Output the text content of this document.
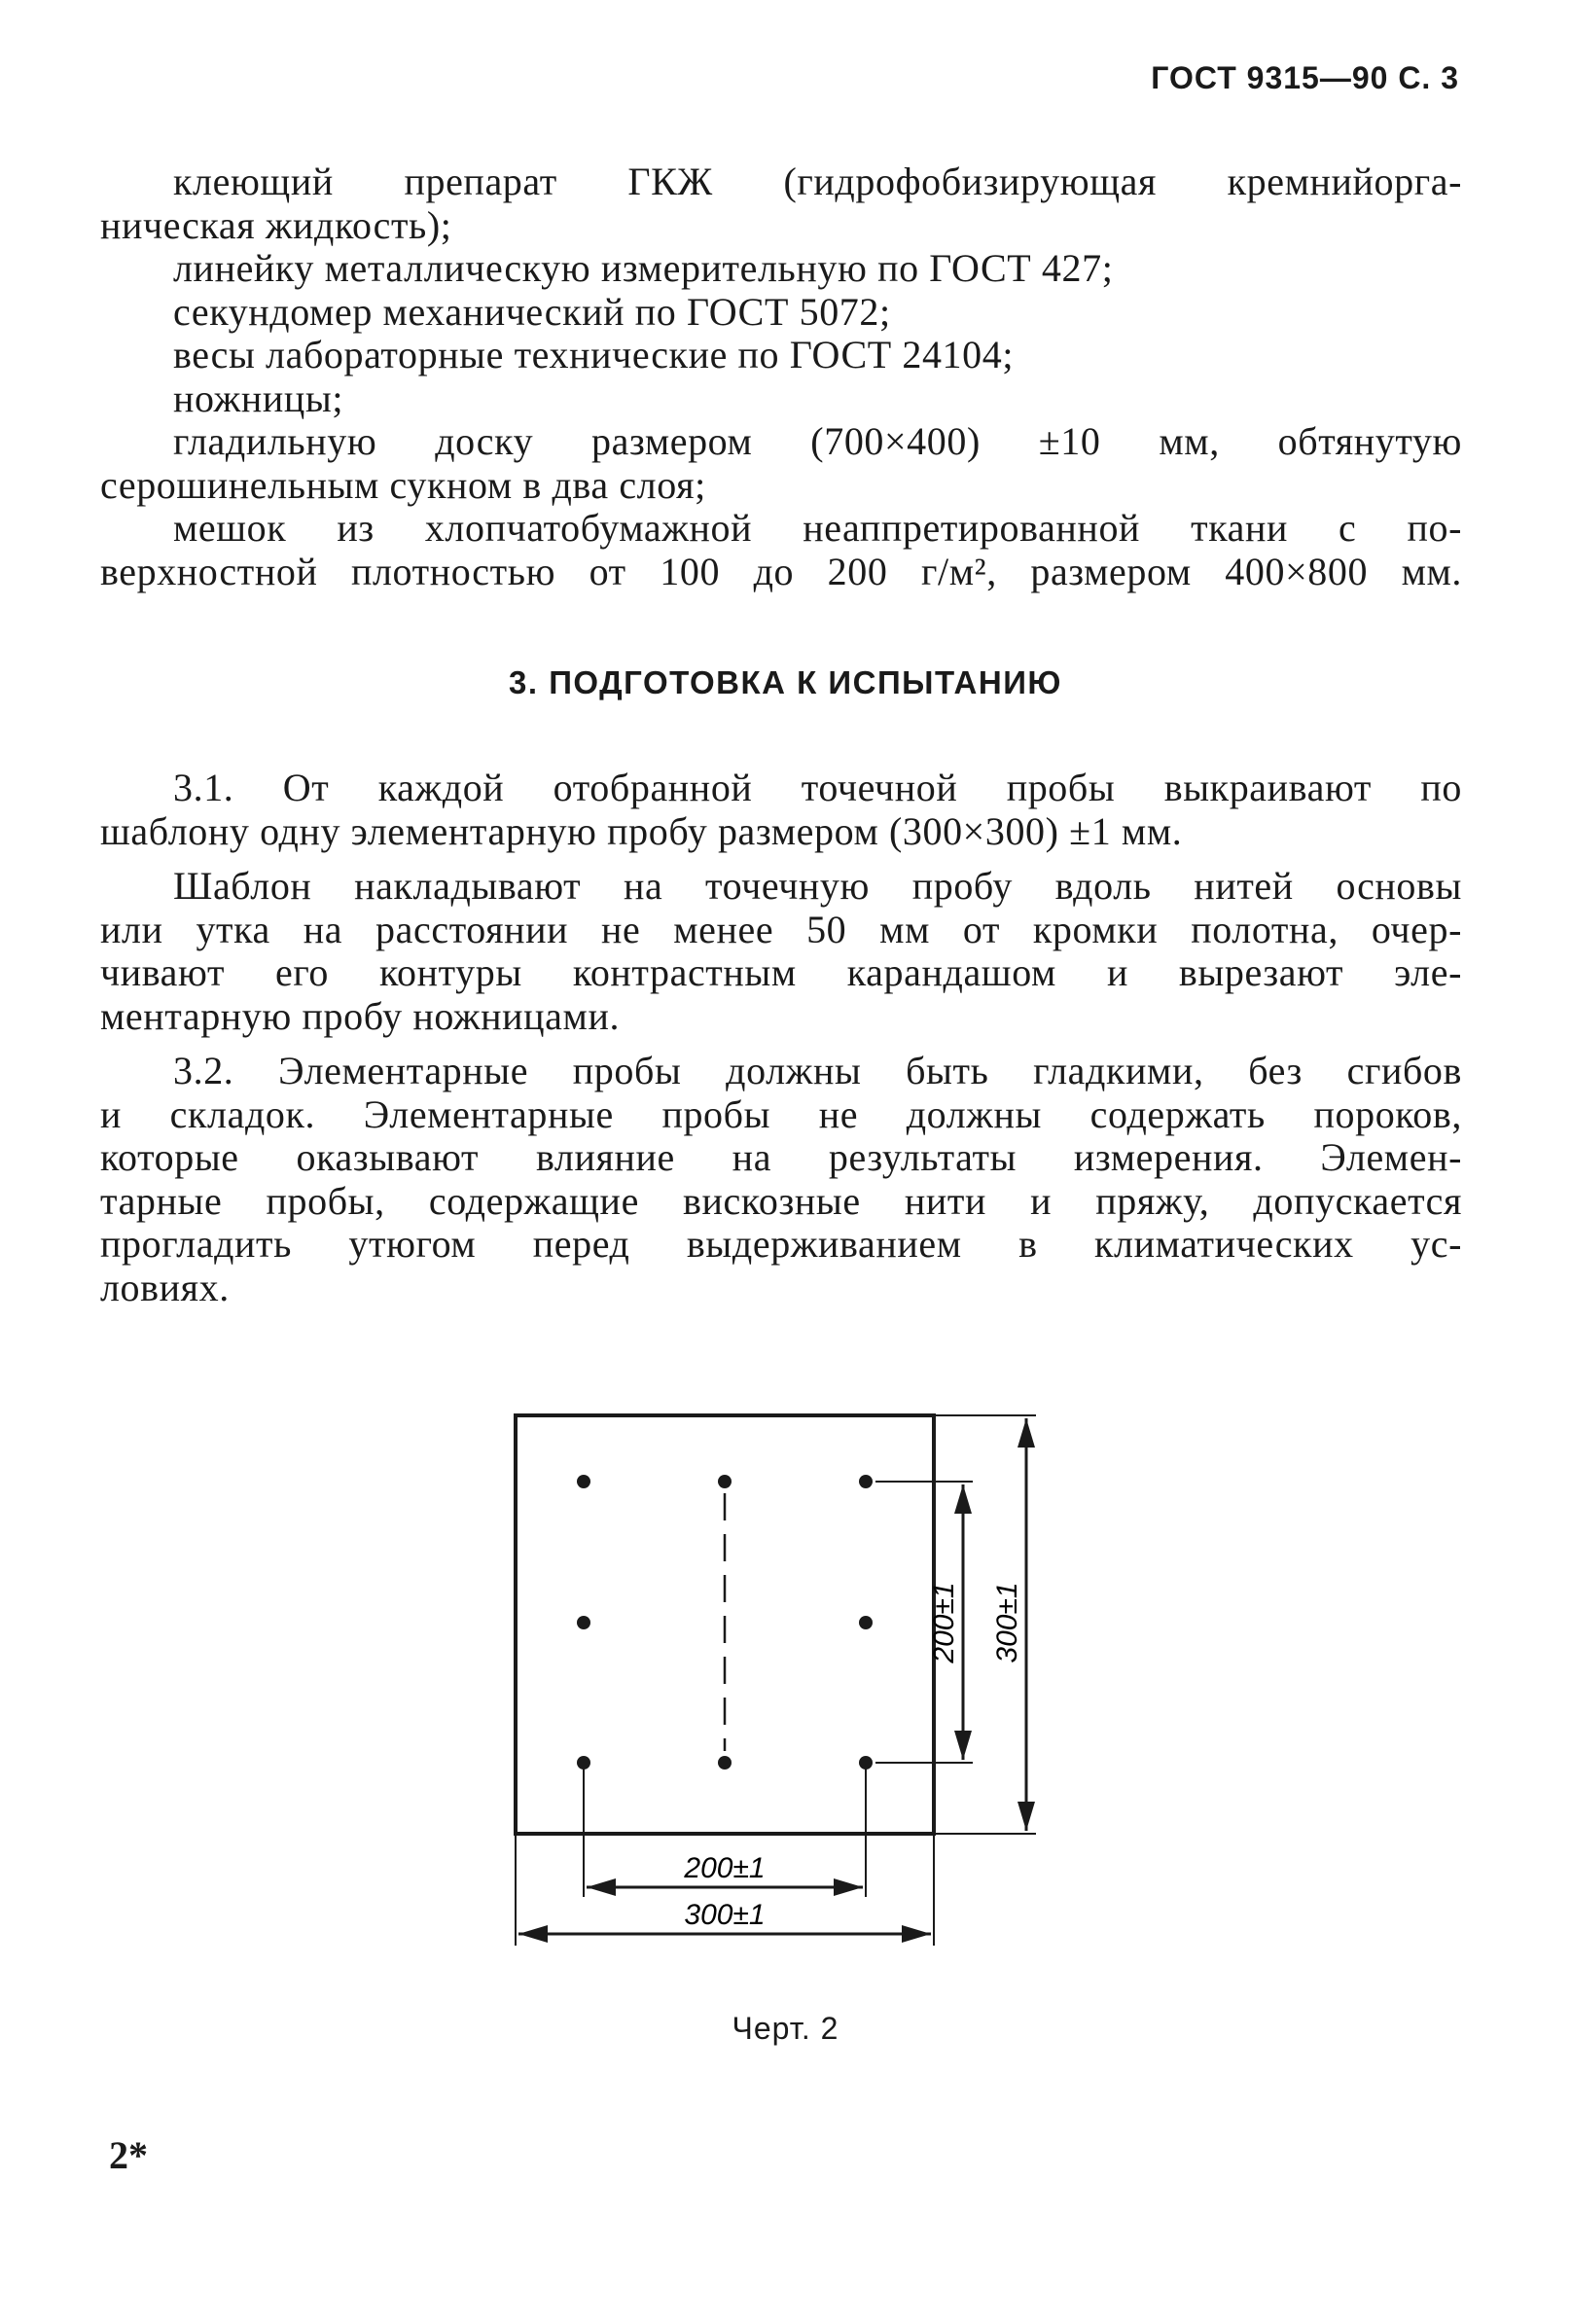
ГОСТ 9315—90 С. 3

клеющий препарат ГКЖ (гидрофобизирующая кремнийорга-

ническая жидкость);

линейку металлическую измерительную по ГОСТ 427;

секундомер механический по ГОСТ 5072;

весы лабораторные технические по ГОСТ 24104;

ножницы;

гладильную доску размером (700×400) ±10 мм, обтянутую

серошинельным сукном в два слоя;

мешок из хлопчатобумажной неаппретированной ткани с по-

верхностной плотностью от 100 до 200 г/м², размером 400×800 мм.

3. ПОДГОТОВКА К ИСПЫТАНИЮ

3.1. От каждой отобранной точечной пробы выкраивают по

шаблону одну элементарную пробу размером (300×300) ±1 мм.

Шаблон накладывают на точечную пробу вдоль нитей основы

или утка на расстоянии не менее 50 мм от кромки полотна, очер-

чивают его контуры контрастным карандашом и вырезают эле-

ментарную пробу ножницами.

3.2. Элементарные пробы должны быть гладкими, без сгибов

и складок. Элементарные пробы не должны содержать пороков,

которые оказывают влияние на результаты измерения. Элемен-

тарные пробы, содержащие вискозные нити и пряжу, допускается

прогладить утюгом перед выдерживанием в климатических ус-

ловиях.

200±1
300±1
200±1 300±1
Черт. 2
2*
